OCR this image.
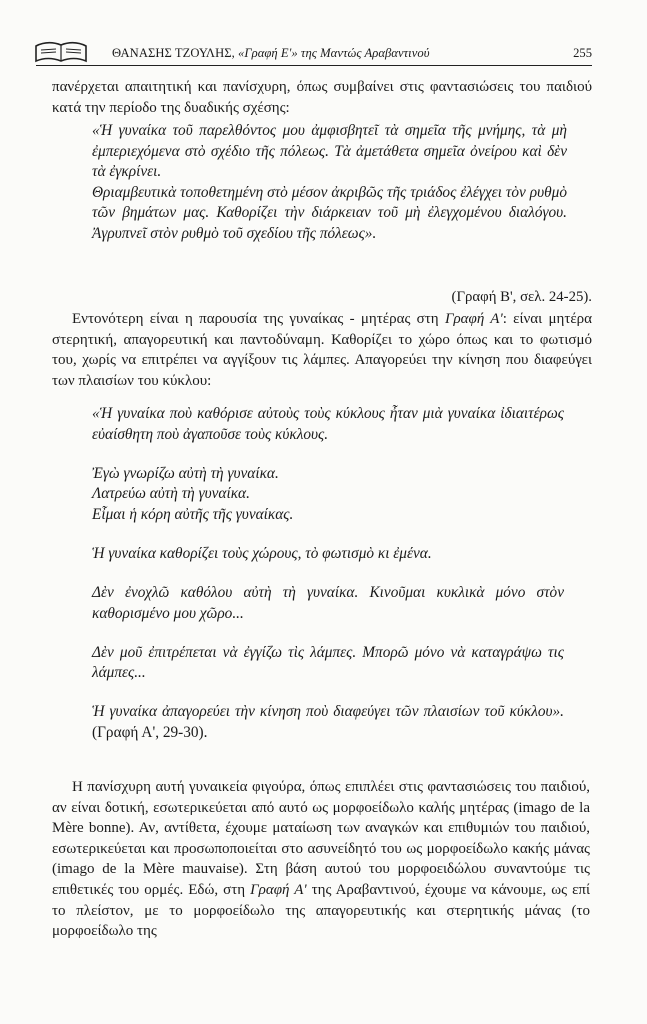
ΘΑΝΑΣΗΣ ΤΖΟΥΛΗΣ, «Γραφή Ε'» της Μαντώς Αραβαντινού	255

πανέρχεται απαιτητική και πανίσχυρη, όπως συμβαίνει στις φαντασιώσεις του παιδιού κατά την περίοδο της δυαδικής σχέσης:

«Ἡ γυναίκα τοῦ παρελθόντος μου ἀμφισβητεῖ τὰ σημεῖα τῆς μνήμης, τὰ μὴ ἐμπεριεχόμενα στὸ σχέδιο τῆς πόλεως. Τὰ ἀμετάθετα σημεῖα ὀνείρου καὶ δὲν τὰ ἐγκρίνει.

Θριαμβευτικὰ τοποθετημένη στὸ μέσον ἀκριβῶς τῆς τριάδος ἐλέγχει τὸν ρυθμὸ τῶν βημάτων μας. Καθορίζει τὴν διάρκειαν τοῦ μὴ ἐλεγχομένου διαλόγου. Ἀγρυπνεῖ στὸν ρυθμὸ τοῦ σχεδίου τῆς πόλεως».

(Γραφή Β', σελ. 24-25).

Εντονότερη είναι η παρουσία της γυναίκας - μητέρας στη Γραφή Α': είναι μητέρα στερητική, απαγορευτική και παντοδύναμη. Καθορίζει το χώρο όπως και το φωτισμό του, χωρίς να επιτρέπει να αγγίξουν τις λάμπες. Απαγορεύει την κίνηση που διαφεύγει των πλαισίων του κύκλου:

«Ἡ γυναίκα ποὺ καθόρισε αὐτοὺς τοὺς κύκλους ἦταν μιὰ γυναίκα ἰδιαιτέρως εὐαίσθητη ποὺ ἀγαποῦσε τοὺς κύκλους.

Ἐγὼ γνωρίζω αὐτὴ τὴ γυναίκα.
Λατρεύω αὐτὴ τὴ γυναίκα.
Εἶμαι ἡ κόρη αὐτῆς τῆς γυναίκας.

Ἡ γυναίκα καθορίζει τοὺς χώρους, τὸ φωτισμὸ κι ἐμένα.

Δὲν ἐνοχλῶ καθόλου αὐτὴ τὴ γυναίκα. Κινοῦμαι κυκλικὰ μόνο στὸν καθορισμένο μου χῶρο...

Δὲν μοῦ ἐπιτρέπεται νὰ ἐγγίζω τὶς λάμπες. Μπορῶ μόνο νὰ καταγράψω τις λάμπες...

Ἡ γυναίκα ἀπαγορεύει τὴν κίνηση ποὺ διαφεύγει τῶν πλαισίων τοῦ κύκλου». (Γραφή Α', 29-30).

Η πανίσχυρη αυτή γυναικεία φιγούρα, όπως επιπλέει στις φαντασιώσεις του παιδιού, αν είναι δοτική, εσωτερικεύεται από αυτό ως μορφοείδωλο καλής μητέρας (imago de la Mère bonne). Αν, αντίθετα, έχουμε ματαίωση των αναγκών και επιθυμιών του παιδιού, εσωτερικεύεται και προσωποποιείται στο ασυνείδητό του ως μορφοείδωλο κακής μάνας (imago de la Mère mauvaise). Στη βάση αυτού του μορφοειδώλου συναντούμε τις επιθετικές του ορμές. Εδώ, στη Γραφή Α' της Αραβαντινού, έχουμε να κάνουμε, ως επί το πλείστον, με το μορφοείδωλο της απαγορευτικής και στερητικής μάνας (το μορφοείδωλο της
